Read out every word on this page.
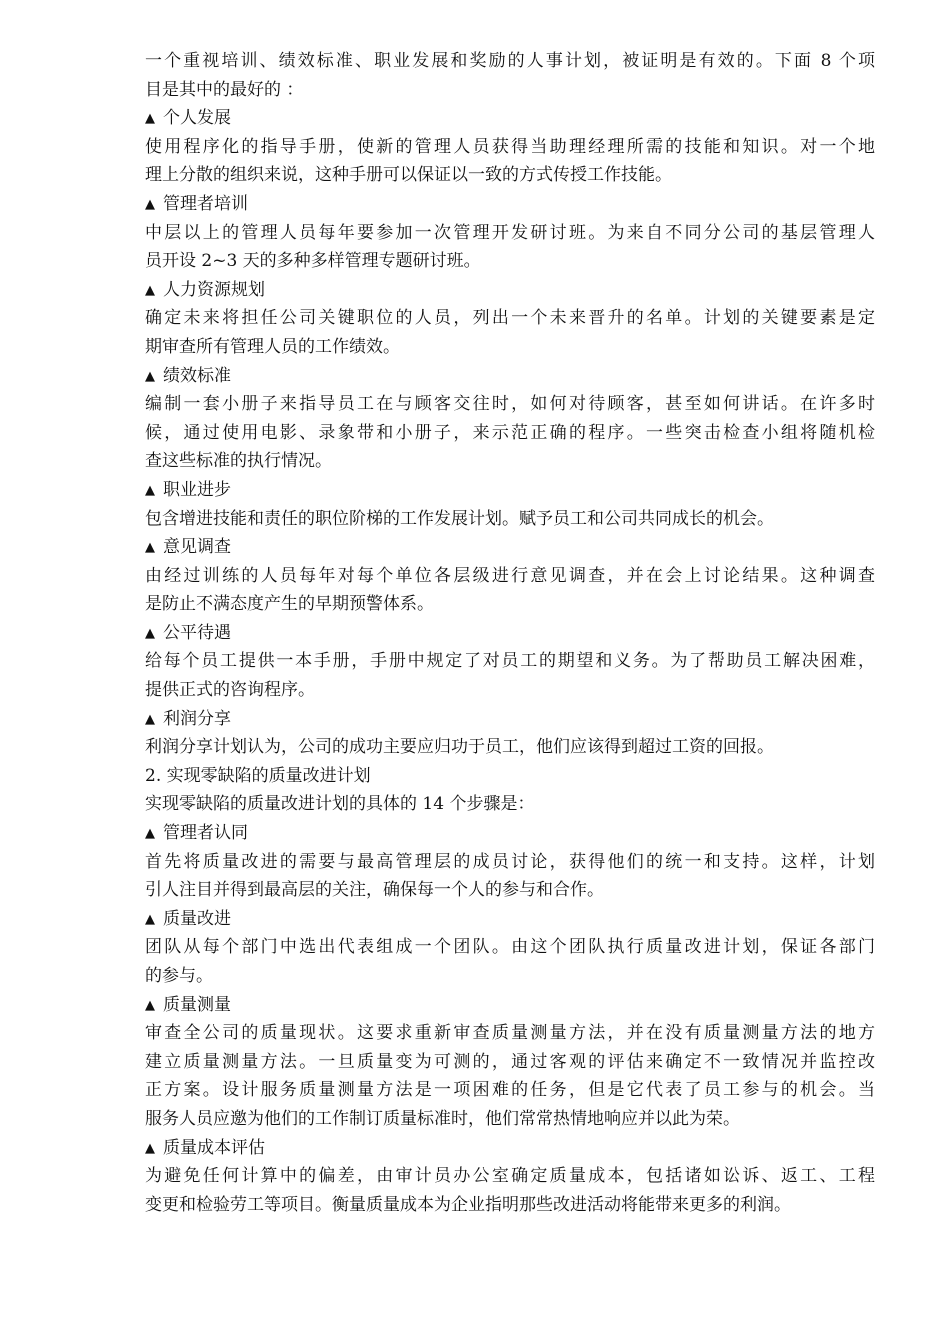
一个重视培训、绩效标准、职业发展和奖励的人事计划，被证明是有效的。下面 8 个项
目是其中的最好的 ：
▲ 个人发展
使用程序化的指导手册，使新的管理人员获得当助理经理所需的技能和知识。对一个地
理上分散的组织来说，这种手册可以保证以一致的方式传授工作技能。
▲ 管理者培训
中层以上的管理人员每年要参加一次管理开发研讨班。为来自不同分公司的基层管理人
员开设 2~3 天的多种多样管理专题研讨班。
▲ 人力资源规划
确定未来将担任公司关键职位的人员，列出一个未来晋升的名单。计划的关键要素是定
期审查所有管理人员的工作绩效。
▲ 绩效标准
编制一套小册子来指导员工在与顾客交往时，如何对待顾客，甚至如何讲话。在许多时
候，通过使用电影、录象带和小册子，来示范正确的程序。一些突击检查小组将随机检
查这些标准的执行情况。
▲ 职业进步
包含增进技能和责任的职位阶梯的工作发展计划。赋予员工和公司共同成长的机会。
▲ 意见调查
由经过训练的人员每年对每个单位各层级进行意见调查，并在会上讨论结果。这种调查
是防止不满态度产生的早期预警体系。
▲ 公平待遇
给每个员工提供一本手册，手册中规定了对员工的期望和义务。为了帮助员工解决困难，
提供正式的咨询程序。
▲ 利润分享
利润分享计划认为，公司的成功主要应归功于员工，他们应该得到超过工资的回报。
2. 实现零缺陷的质量改进计划
实现零缺陷的质量改进计划的具体的 14 个步骤是：
▲ 管理者认同
首先将质量改进的需要与最高管理层的成员讨论，获得他们的统一和支持。这样，计划
引人注目并得到最高层的关注，确保每一个人的参与和合作。
▲ 质量改进
团队从每个部门中选出代表组成一个团队。由这个团队执行质量改进计划，保证各部门
的参与。
▲ 质量测量
审查全公司的质量现状。这要求重新审查质量测量方法，并在没有质量测量方法的地方
建立质量测量方法。一旦质量变为可测的，通过客观的评估来确定不一致情况并监控改
正方案。设计服务质量测量方法是一项困难的任务，但是它代表了员工参与的机会。当
服务人员应邀为他们的工作制订质量标准时，他们常常热情地响应并以此为荣。
▲ 质量成本评估
为避免任何计算中的偏差，由审计员办公室确定质量成本，包括诸如讼诉、返工、工程
变更和检验劳工等项目。衡量质量成本为企业指明那些改进活动将能带来更多的利润。
